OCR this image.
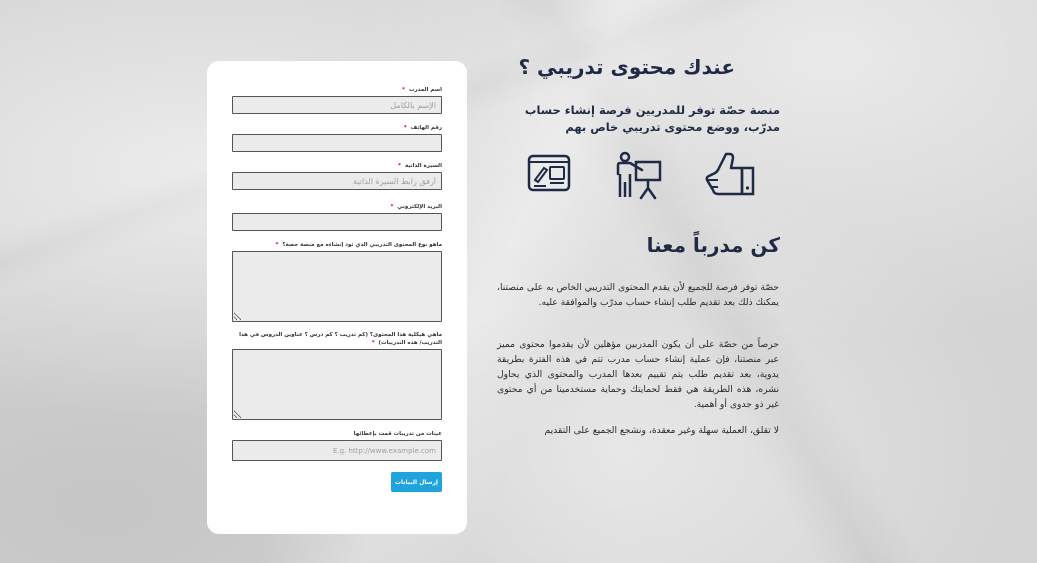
اسم المدرب *
الإسم بالكامل
رقم الهاتف *
السيرة الذاتية *
أرفق رابط السيرة الذاتية
البريد الإلكتروني *
ماهو نوع المحتوى التدريبي الذي تود إنشاءه مع منصة حصة؟ *
ماهي هيكلية هذا المحتوى؟ (كم تدريب ؟ كم درس ؟ عناوين الدروس في هذا التدريب/ هذه التدريبات) *
عينات من تدريبات قمت بإعطائها
E.g. http://www.example.com
إرسال البيانات
عندك محتوى تدريبي ؟

منصة حصّة توفر للمدربين فرصة إنشاء حساب مدرّب، ووضع محتوى تدريبي خاص بهم

كن مدرباً معنا

حصّة توفر فرصة للجميع لأن يقدم المحتوى التدريبي الخاص به على منصتنا، يمكنك ذلك بعد تقديم طلب إنشاء حساب مدرّب والموافقة عليه.

حرصاً من حصّة على أن يكون المدربين مؤهلين لأن يقدموا محتوى مميز عبر منصتنا، فإن عملية إنشاء حساب مدرب تتم في هذه الفترة بطريقة يدوية، بعد تقديم طلب يتم تقييم بعدها المدرب والمحتوى الذي يحاول نشره، هذه الطريقة هي فقط لحمايتك وحماية مستخدمينا من أي محتوى غير ذو جدوى أو أهمية.

لا تقلق، العملية سهلة وغير معقدة، ونشجع الجميع على التقديم
